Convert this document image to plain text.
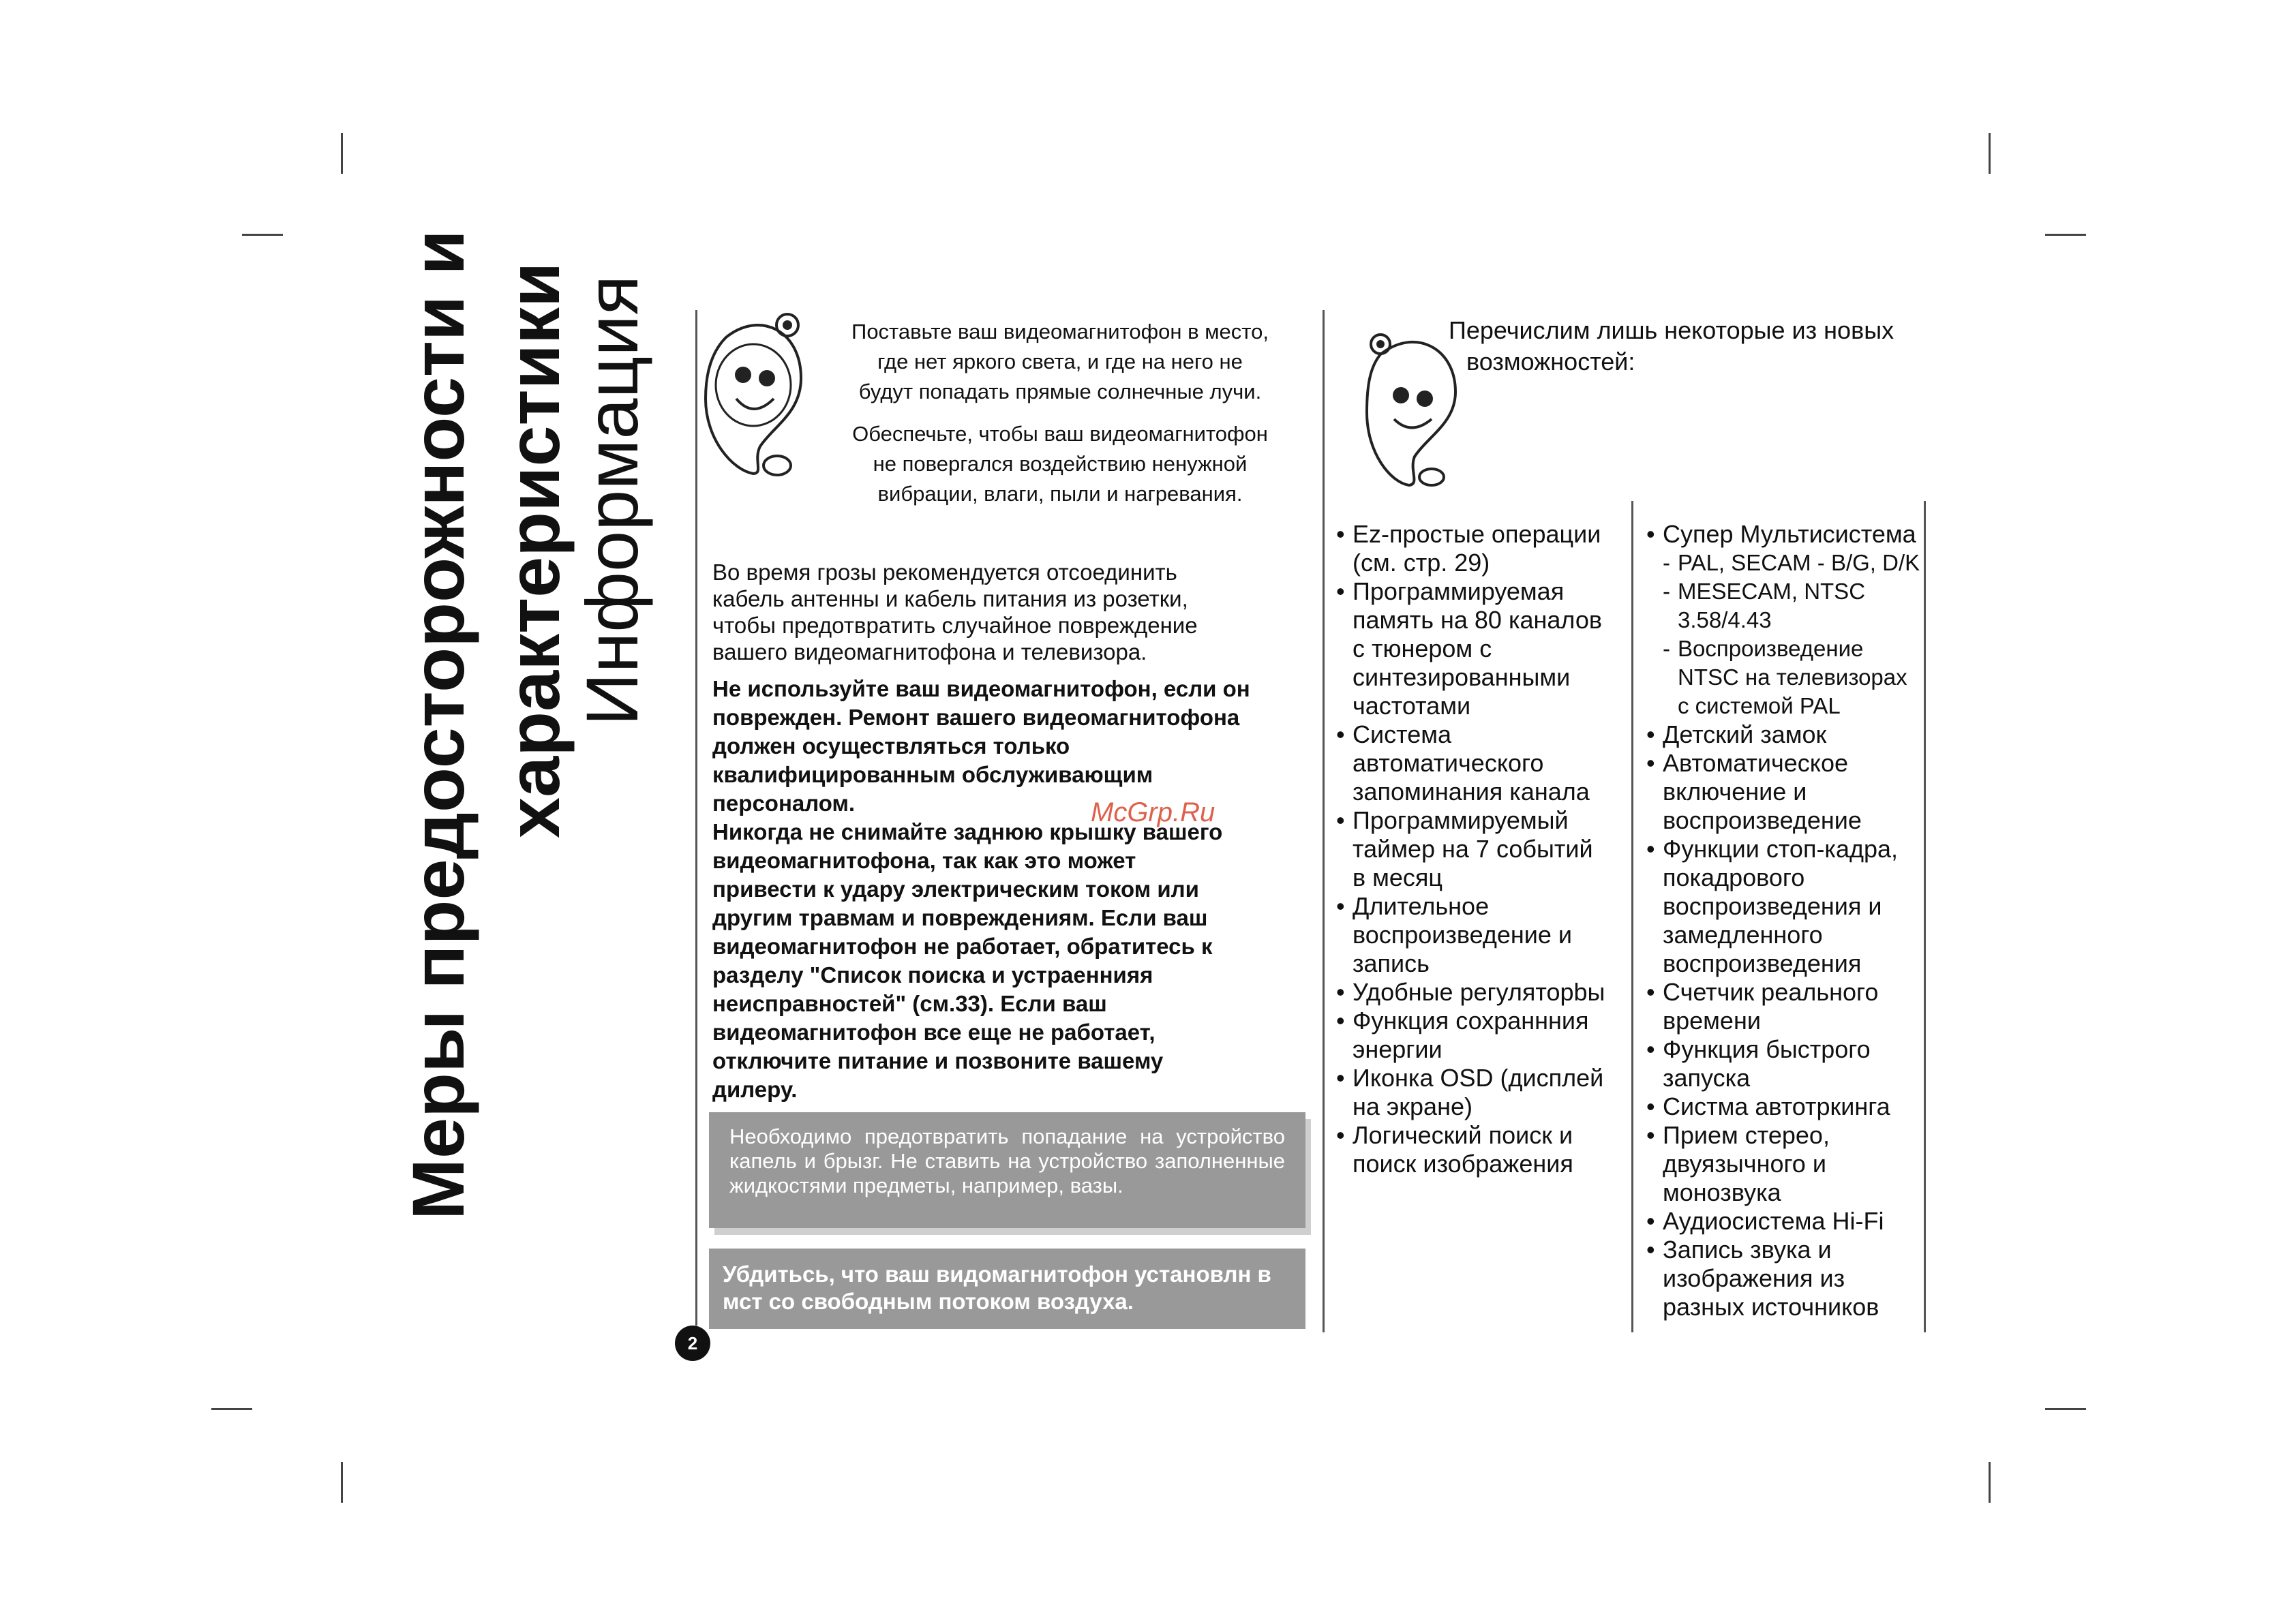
Меры предосторожности и характеристики
Информация	Поставьте ваш видеомагнитофон в место,
где нет яркого света, и где на него не
будут попадать прямые солнечные лучи.
Обеспечьте, чтобы ваш видеомагнитофон
не повергался воздействию ненужной
вибрации, влаги, пыли и нагревания.
Во время грозы рекомендуется отсоединить
кабель антенны и кабель питания из розетки,
чтобы предотвратить случайное повреждение
вашего видеомагнитофона и телевизора.
Не используйте ваш видеомагнитофон, если он
поврежден. Ремонт вашего видеомагнитофона
должен осуществляться только
квалифицированным обслуживающим
персоналом.
Никогда не снимайте заднюю крышку вашего
видеомагнитофона, так как это может
привести к удару электрическим током или
другим травмам и повреждениям. Если ваш
видеомагнитофон не работает, обратитесь к
разделу "Список поиска и устраеннияя
неисправностей" (см.33). Если ваш
видеомагнитофон все еще не работает,
отключите питание и позвоните вашему
дилеру.
McGrp.Ru
Необходимо предотвратить попадание на устройство капель и брызг. Не ставить на устройство заполненные жидкостями предметы, например, вазы.
Убдитьсь, что ваш видомагнитофон установлн в мст со свободным потоком воздуха.
2
Перечислим лишь некоторые из новых
возможностей:
• Ez-простые операции
(см. стр. 29)
• Программируемая
память на 80 каналов
с тюнером с
синтезированными
частотами
• Система
автоматического
запоминания канала
• Программируемый
таймер на 7 событий
в месяц
• Длительное
воспроизведение и
запись
• Удобные регуляторbы
• Функция сохраннния
энергии
• Иконка OSD (дисплей
на экране)
• Логический поиск и
поиск изображения
• Супер Мультисистема
- PAL, SECAM - B/G, D/K
- MESECAM, NTSC
3.58/4.43
- Воспроизведение
NTSC на телевизорах
с системой PAL
• Детский замок
• Автоматическое
включение и
воспроизведение
• Функции стоп-кадра,
покадрового
воспроизведения и
замедленного
воспроизведения
• Счетчик реального
времени
• Функция быстрого
запуска
• Систма автотркинга
• Прием стерео,
двуязычного и
монозвука
• Аудиосистема Hi-Fi
• Запись звука и
изображения из
разных источников
